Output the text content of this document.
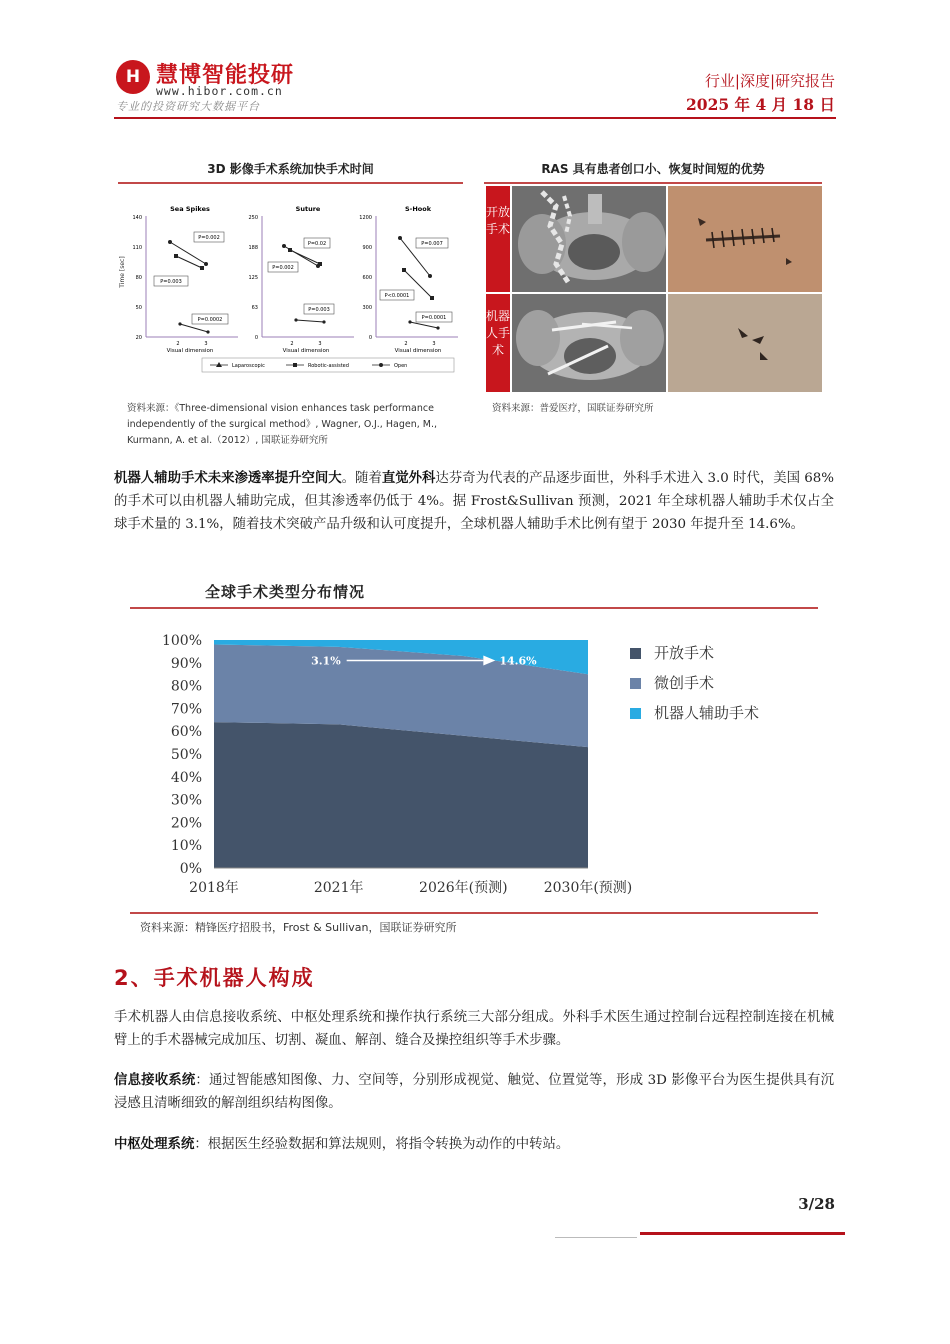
H 慧博智能投研
www.hibor.com.cn
专业的投资研究大数据平台
行业|深度|研究报告
2025 年 4 月 18 日
3D 影像手术系统加快手术时间
Time [sec]
Sea Spikes
20
50
80
110
140
P=0.002
P=0.003
P=0.0002
2	3
Visual dimension
Suture
0
63
125
188
250
P=0.02
P=0.002
P=0.003
2	3
Visual dimension
S-Hook
0
300
600
900
1200
P=0.007
P<0.0001
P=0.0001
2	3
Visual dimension
Laparoscopic	Robotic-assisted	Open
资料来源：《Three-dimensional vision enhances task performance
independently of the surgical method》, Wagner, O.J., Hagen, M.,
Kurmann, A. et al.（2012）, 国联证券研究所
RAS 具有患者创口小、恢复时间短的优势
开放手术
机器人手术
资料来源：普爱医疗，国联证券研究所
机器人辅助手术未来渗透率提升空间大。随着直觉外科达芬奇为代表的产品逐步面世，外科手术进入 3.0 时代，美国 68%的手术可以由机器人辅助完成，但其渗透率仍低于 4%。据 Frost&Sullivan 预测，2021 年全球机器人辅助手术仅占全球手术量的 3.1%，随着技术突破产品升级和认可度提升，全球机器人辅助手术比例有望于 2030 年提升至 14.6%。
全球手术类型分布情况
0%
10%
20%
30%
40%
50%
60%
70%
80%
90%
100%
2018年	2021年	2026年(预测)	2030年(预测)
3.1%	14.6%	开放手术
微创手术
机器人辅助手术
资料来源：精锋医疗招股书，Frost & Sullivan，国联证券研究所
2、手术机器人构成
手术机器人由信息接收系统、中枢处理系统和操作执行系统三大部分组成。外科手术医生通过控制台远程控制连接在机械臂上的手术器械完成加压、切割、凝血、解剖、缝合及操控组织等手术步骤。
信息接收系统：通过智能感知图像、力、空间等，分别形成视觉、触觉、位置觉等，形成 3D 影像平台为医生提供具有沉浸感且清晰细致的解剖组织结构图像。
中枢处理系统：根据医生经验数据和算法规则，将指令转换为动作的中转站。
3/28
